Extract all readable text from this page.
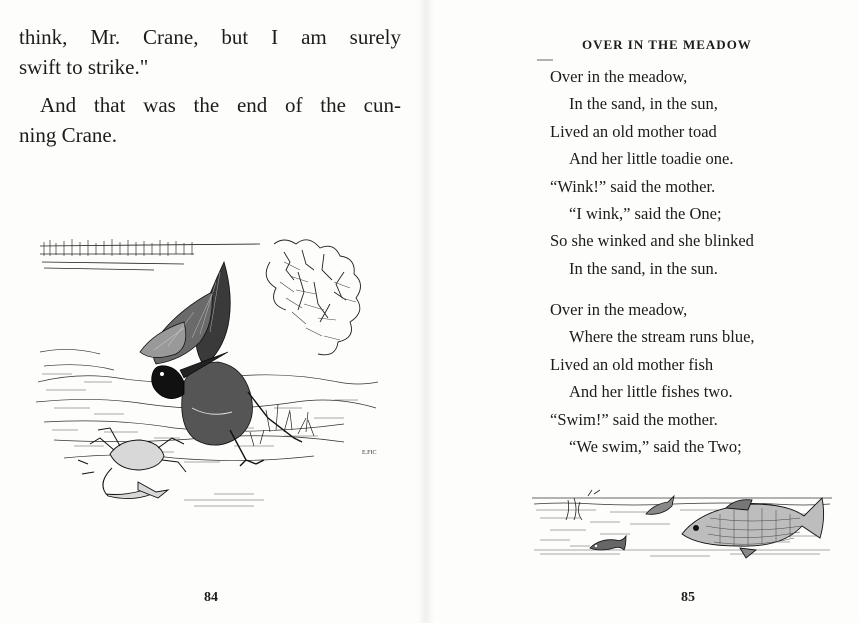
think, Mr. Crane, but I am surely
swift to strike."

And that was the end of the cun-
ning Crane.

E.FIC
84
OVER IN THE MEADOW
Over in the meadow,
In the sand, in the sun,
Lived an old mother toad
And her little toadie one.
“Wink!” said the mother.
“I wink,” said the One;
So she winked and she blinked
In the sand, in the sun.
Over in the meadow,
Where the stream runs blue,
Lived an old mother fish
And her little fishes two.
“Swim!” said the mother.
“We swim,” said the Two;
85
